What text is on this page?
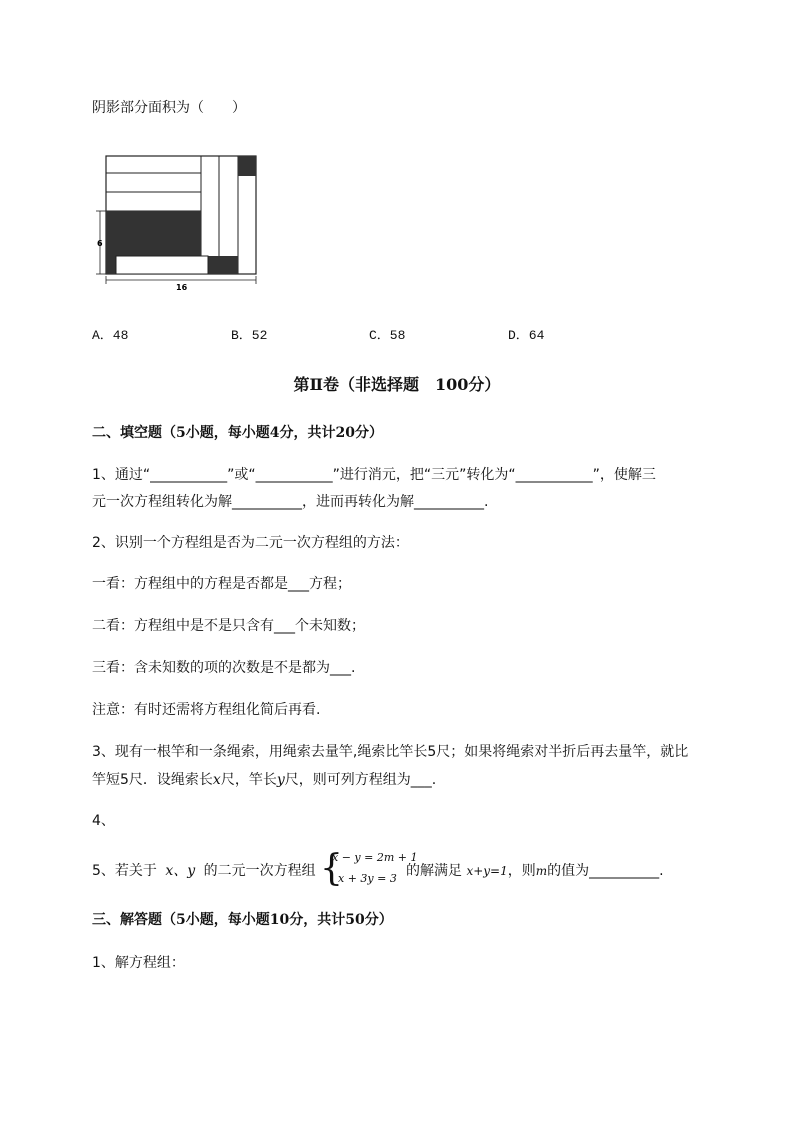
阴影部分面积为（　　）
6
16
A．48	B．52	C．58	D．64
第Ⅱ卷（非选择题　100分）
二、填空题（5小题，每小题4分，共计20分）
1、通过“___________”或“___________”进行消元，把“三元”转化为“___________”，使解三
元一次方程组转化为解__________，进而再转化为解__________.
2、识别一个方程组是否为二元一次方程组的方法：
一看：方程组中的方程是否都是___方程；
二看：方程组中是不是只含有___个未知数；
三看：含未知数的项的次数是不是都为___.
注意：有时还需将方程组化简后再看.
3、现有一根竿和一条绳索，用绳索去量竿,绳索比竿长5尺；如果将绳索对半折后再去量竿，就比
竿短5尺．设绳索长x尺，竿长y尺，则可列方程组为___.
4、
5、若关于 x、y 的二元一次方程组 {
x − y = 2m + 1
x + 3y = 3 的解满足 x+y=1，则m的值为__________.
三、解答题（5小题，每小题10分，共计50分）
1、解方程组：
